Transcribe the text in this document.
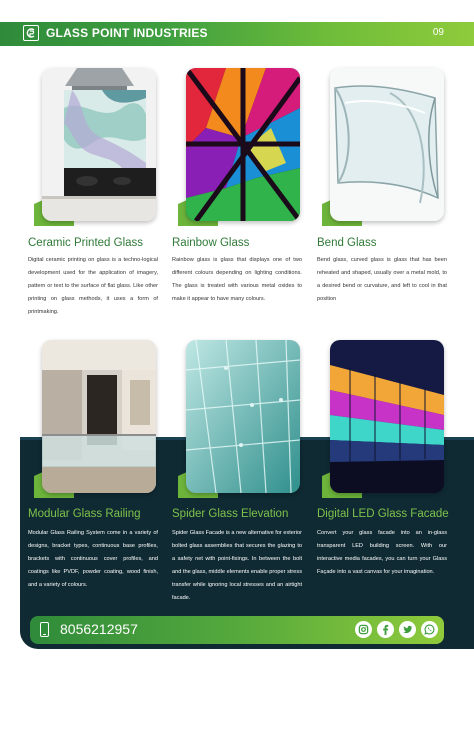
GLASS POINT INDUSTRIES	09
Ceramic Printed Glass
Digital ceramic printing on glass is a techno-logical development used for the application of imagery, pattern or text to the surface of flat glass. Like other printing on glass methods, it uses a form of printmaking.
Rainbow Glass
Rainbow glass is glass that displays one of two different colours depending on lighting conditions. The glass is treated with various metal oxides to make it appear to have many colours.
Bend Glass
Bend glass, curved glass is glass that has been reheated and shaped, usually over a metal mold, to a desired bend or curvature, and left to cool in that position
Modular Glass Railing
Modular Glass Railing System come in a variety of designs, bracket types, continuous base profiles, brackets with continuous cover profiles, and coatings like PVDF, powder coating, wood finish, and a variety of colours.
Spider Glass Elevation
Spider Glass Facade is a new alternative for exterior bolted glass assemblies that secures the glazing to a safety net with point-fixings. In between the bolt and the glass, middle elements enable proper stress transfer while ignoring local stresses and an airtight facade.
Digital LED Glass Facade
Convert your glass facade into an in-glass transparent LED building screen. With our interactive media facades, you can turn your Glass Façade into a vast canvas for your imagination.
8056212957
